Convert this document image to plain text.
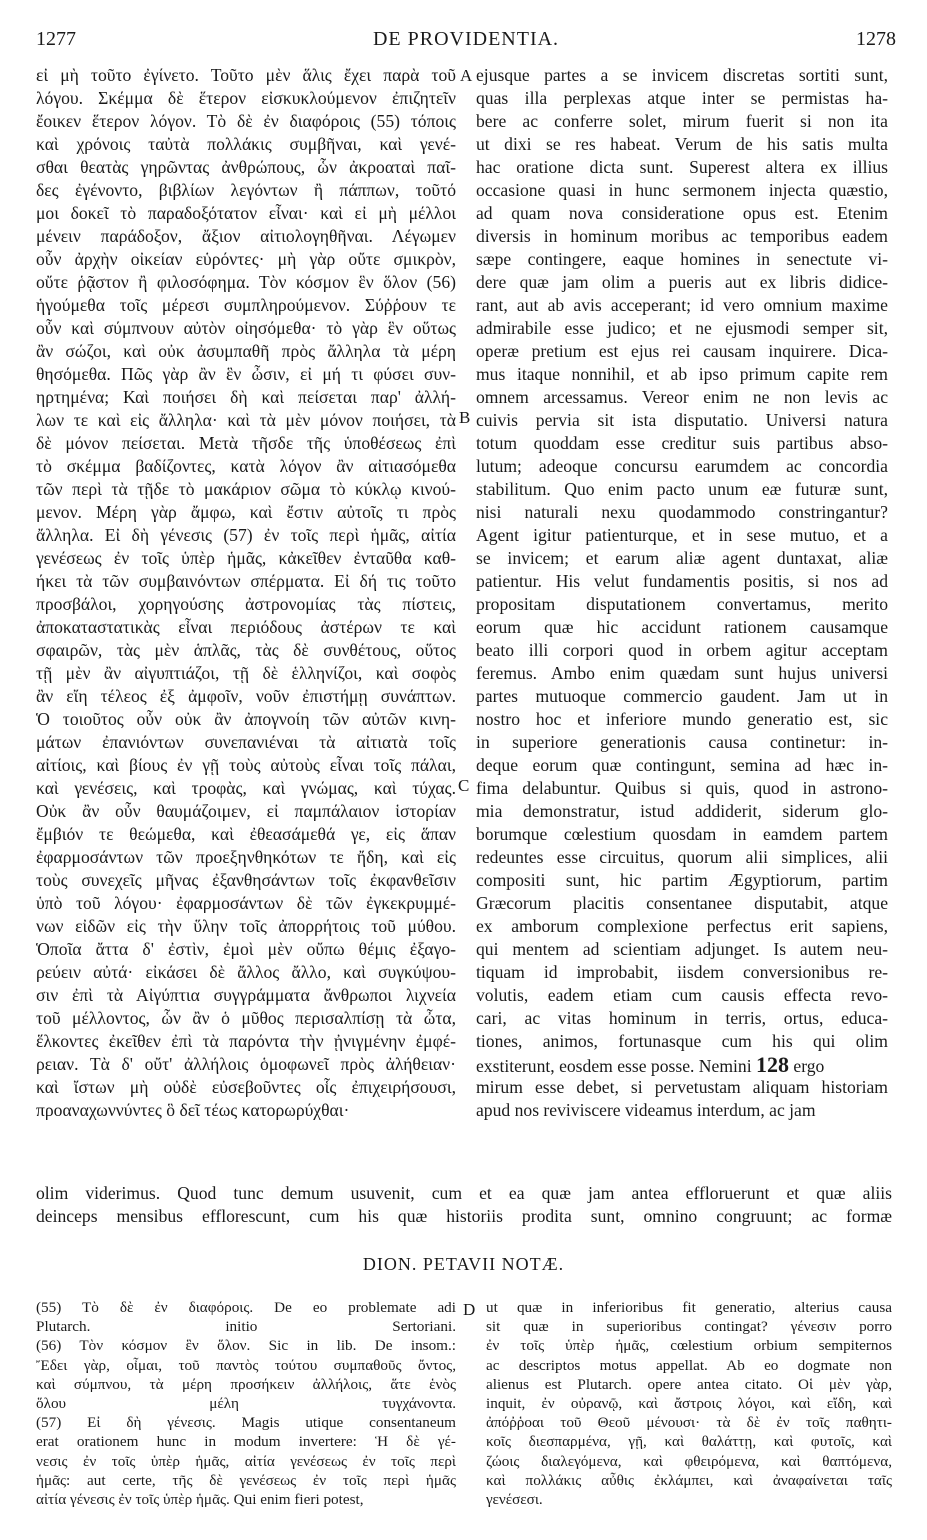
1277	DE PROVIDENTIA.	1278
εἰ μὴ τοῦτο ἐγίνετο. Τοῦτο μὲν ἅλις ἔχει παρὰ τοῦ
λόγου. Σκέμμα δὲ ἕτερον εἰσκυκλούμενον ἐπιζητεῖν
ἔοικεν ἕτερον λόγον. Τὸ δὲ ἐν διαφόροις (55) τόποις
καὶ χρόνοις ταὐτὰ πολλάκις συμβῆναι, καὶ γενέ-
σθαι θεατὰς γηρῶντας ἀνθρώπους, ὧν ἀκροαταὶ παῖ-
δες ἐγένοντο, βιβλίων λεγόντων ἢ πάππων, τοῦτό
μοι δοκεῖ τὸ παραδοξότατον εἶναι· καὶ εἰ μὴ μέλλοι
μένειν παράδοξον, ἄξιον αἰτιολογηθῆναι. Λέγωμεν
οὖν ἀρχὴν οἰκείαν εὑρόντες· μὴ γὰρ οὔτε σμικρὸν,
οὔτε ῥᾷστον ἢ φιλοσόφημα. Τὸν κόσμον ἓν ὅλον (56)
ἡγούμεθα τοῖς μέρεσι συμπληρούμενον. Σύῤῥουν τε
οὖν καὶ σύμπνουν αὐτὸν οἰησόμεθα· τὸ γὰρ ἓν οὕτως
ἂν σώζοι, καὶ οὐκ ἀσυμπαθῆ πρὸς ἄλληλα τὰ μέρη
θησόμεθα. Πῶς γὰρ ἂν ἓν ὦσιν, εἰ μή τι φύσει συν-
ηρτημένα; Καὶ ποιήσει δὴ καὶ πείσεται παρ' ἀλλή-
λων τε καὶ εἰς ἄλληλα· καὶ τὰ μὲν μόνον ποιήσει, τὰ
δὲ μόνον πείσεται. Μετὰ τῆσδε τῆς ὑποθέσεως ἐπὶ
τὸ σκέμμα βαδίζοντες, κατὰ λόγον ἂν αἰτιασόμεθα
τῶν περὶ τὰ τῇδε τὸ μακάριον σῶμα τὸ κύκλῳ κινού-
μενον. Μέρη γὰρ ἄμφω, καὶ ἔστιν αὐτοῖς τι πρὸς
ἄλληλα. Εἰ δὴ γένεσις (57) ἐν τοῖς περὶ ἡμᾶς, αἰτία
γενέσεως ἐν τοῖς ὑπὲρ ἡμᾶς, κἀκεῖθεν ἐνταῦθα καθ-
ήκει τὰ τῶν συμβαινόντων σπέρματα. Εἰ δή τις τοῦτο
προσβάλοι, χορηγούσης ἀστρονομίας τὰς πίστεις,
ἀποκαταστατικὰς εἶναι περιόδους ἀστέρων τε καὶ
σφαιρῶν, τὰς μὲν ἁπλᾶς, τὰς δὲ συνθέτους, οὕτος
τῇ μὲν ἂν αἰγυπτιάζοι, τῇ δὲ ἑλληνίζοι, καὶ σοφὸς
ἂν εἴη τέλεος ἐξ ἀμφοῖν, νοῦν ἐπιστήμῃ συνάπτων.
Ὁ τοιοῦτος οὖν οὐκ ἂν ἀπογνοίη τῶν αὐτῶν κινη-
μάτων ἐπανιόντων συνεπανιέναι τὰ αἰτιατὰ τοῖς
αἰτίοις, καὶ βίους ἐν γῇ τοὺς αὐτοὺς εἶναι τοῖς πάλαι,
καὶ γενέσεις, καὶ τροφὰς, καὶ γνώμας, καὶ τύχας.
Οὐκ ἂν οὖν θαυμάζοιμεν, εἰ παμπάλαιον ἱστορίαν
ἔμβιόν τε θεώμεθα, καὶ ἐθεασάμεθά γε, εἰς ἅπαν
ἐφαρμοσάντων τῶν προεξηνθηκότων τε ἤδη, καὶ εἰς
τοὺς συνεχεῖς μῆνας ἐξανθησάντων τοῖς ἐκφανθεῖσιν
ὑπὸ τοῦ λόγου· ἐφαρμοσάντων δὲ τῶν ἐγκεκρυμμέ-
νων εἰδῶν εἰς τὴν ὕλην τοῖς ἀπορρήτοις τοῦ μύθου.
Ὁποῖα ἄττα δ' ἐστὶν, ἐμοὶ μὲν οὔπω θέμις ἐξαγο-
ρεύειν αὐτά· εἰκάσει δὲ ἄλλος ἄλλο, καὶ συγκύψου-
σιν ἐπὶ τὰ Αἰγύπτια συγγράμματα ἄνθρωποι λιχνεία
τοῦ μέλλοντος, ὧν ἂν ὁ μῦθος περισαλπίσῃ τὰ ὦτα,
ἕλκοντες ἐκεῖθεν ἐπὶ τὰ παρόντα τὴν ᾐνιγμένην ἐμφέ-
ρειαν. Τὰ δ' οὔτ' ἀλλήλοις ὁμοφωνεῖ πρὸς ἀλήθειαν·
καὶ ἴστων μὴ οὐδὲ εὐσεβοῦντες οἷς ἐπιχειρήσουσι,
προαναχωννύντες ὃ δεῖ τέως κατορωρύχθαι·
ejusque partes a se invicem discretas sortiti sunt,
quas illa perplexas atque inter se permistas ha-
bere ac conferre solet, mirum fuerit si non ita
ut dixi se res habeat. Verum de his satis multa
hac oratione dicta sunt. Superest altera ex illius
occasione quasi in hunc sermonem injecta quæstio,
ad quam nova consideratione opus est. Etenim
diversis in hominum moribus ac temporibus eadem
sæpe contingere, eaque homines in senectute vi-
dere quæ jam olim a pueris aut ex libris didice-
rant, aut ab avis acceperant; id vero omnium maxime
admirabile esse judico; et ne ejusmodi semper sit,
operæ pretium est ejus rei causam inquirere. Dica-
mus itaque nonnihil, et ab ipso primum capite rem
omnem arcessamus. Vereor enim ne non levis ac
cuivis pervia sit ista disputatio. Universi natura
totum quoddam esse creditur suis partibus abso-
lutum; adeoque concursu earumdem ac concordia
stabilitum. Quo enim pacto unum eæ futuræ sunt,
nisi naturali nexu quodammodo constringantur?
Agent igitur patienturque, et in sese mutuo, et a
se invicem; et earum aliæ agent duntaxat, aliæ
patientur. His velut fundamentis positis, si nos ad
propositam disputationem convertamus, merito
eorum quæ hic accidunt rationem causamque
beato illi corpori quod in orbem agitur acceptam
feremus. Ambo enim quædam sunt hujus universi
partes mutuoque commercio gaudent. Jam ut in
nostro hoc et inferiore mundo generatio est, sic
in superiore generationis causa continetur: in-
deque eorum quæ contingunt, semina ad hæc in-
fima delabuntur. Quibus si quis, quod in astrono-
mia demonstratur, istud addiderit, siderum glo-
borumque cœlestium quosdam in eamdem partem
redeuntes esse circuitus, quorum alii simplices, alii
compositi sunt, hic partim Ægyptiorum, partim
Græcorum placitis consentanee disputabit, atque
ex amborum complexione perfectus erit sapiens,
qui mentem ad scientiam adjunget. Is autem neu-
tiquam id improbabit, iisdem conversionibus re-
volutis, eadem etiam cum causis effecta revo-
cari, ac vitas hominum in terris, ortus, educa-
tiones, animos, fortunasque cum his qui olim
exstiterunt, eosdem esse posse. Nemini 128 ergo
mirum esse debet, si pervetustam aliquam historiam
apud nos reviviscere videamus interdum, ac jam
A
B
C
D
olim viderimus. Quod tunc demum usuvenit, cum et ea quæ jam antea effloruerunt et quæ aliis
deinceps mensibus efflorescunt, cum his quæ historiis prodita sunt, omnino congruunt; ac formæ
DION. PETAVII NOTÆ.
(55) Τὸ δὲ ἐν διαφόροις. De eo problemate adi
Plutarch. initio Sertoriani.
(56) Τὸν κόσμον ἓν ὅλον. Sic in lib. De insom.:
Ἔδει γὰρ, οἶμαι, τοῦ παντὸς τούτου συμπαθοῦς ὄντος,
καὶ σύμπνου, τὰ μέρη προσήκειν ἀλλήλοις, ἅτε ἑνὸς
ὅλου μέλη τυγχάνοντα.
(57) Εἰ δὴ γένεσις. Magis utique consentaneum
erat orationem hunc in modum invertere: Ἡ δὲ γέ-
νεσις ἐν τοῖς ὑπὲρ ἡμᾶς, αἰτία γενέσεως ἐν τοῖς περὶ
ἡμᾶς: aut certe, τῆς δὲ γενέσεως ἐν τοῖς περὶ ἡμᾶς
αἰτία γένεσις ἐν τοῖς ὑπὲρ ἡμᾶς. Qui enim fieri potest,
ut quæ in inferioribus fit generatio, alterius causa
sit quæ in superioribus contingat? γένεσιν porro
ἐν τοῖς ὑπὲρ ἡμᾶς, cœlestium orbium sempiternos
ac descriptos motus appellat. Ab eo dogmate non
alienus est Plutarch. opere antea citato. Οἱ μὲν γὰρ,
inquit, ἐν οὐρανῷ, καὶ ἄστροις λόγοι, καὶ εἴδη, καὶ
ἀπόῤῥοαι τοῦ Θεοῦ μένουσι· τὰ δὲ ἐν τοῖς παθητι-
κοῖς διεσπαρμένα, γῇ, καὶ θαλάττῃ, καὶ φυτοῖς, καὶ
ζώοις διαλεγόμενα, καὶ φθειρόμενα, καὶ θαπτόμενα,
καὶ πολλάκις αὖθις ἐκλάμπει, καὶ ἀναφαίνεται ταῖς
γενέσεσι.
